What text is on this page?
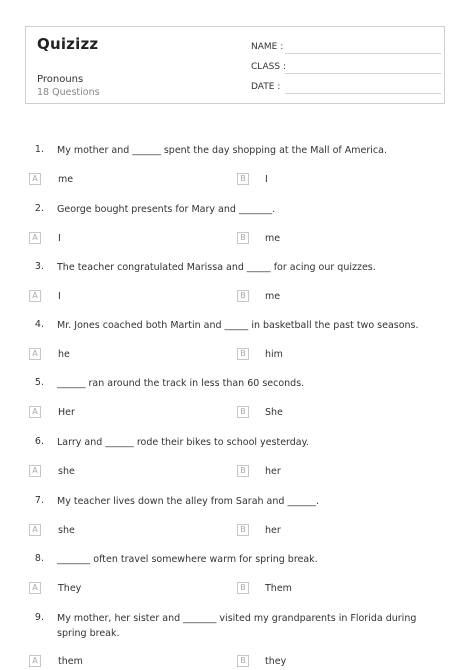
Quizizz
Pronouns
18 Questions
NAME :
CLASS :
DATE :
1. My mother and ______ spent the day shopping at the Mall of America.
A	me	B	I
2. George bought presents for Mary and _______.
A	I	B	me
3. The teacher congratulated Marissa and _____ for acing our quizzes.
A	I	B	me
4. Mr. Jones coached both Martin and _____ in basketball the past two seasons.
A	he	B	him
5. ______ ran around the track in less than 60 seconds.
A	Her	B	She
6. Larry and ______ rode their bikes to school yesterday.
A	she	B	her
7. My teacher lives down the alley from Sarah and ______.
A	she	B	her
8. _______ often travel somewhere warm for spring break.
A	They	B	Them
9. My mother, her sister and _______ visited my grandparents in Florida during spring break.
A	them	B	they
